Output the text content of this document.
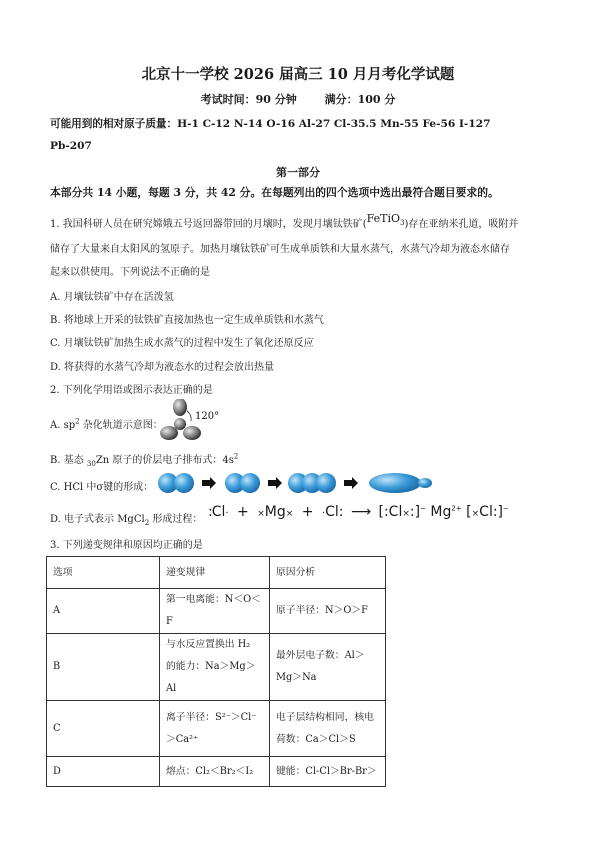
北京十一学校 2026 届高三 10 月月考化学试题
考试时间：90 分钟	满分：100 分
可能用到的相对原子质量：H-1 C-12 N-14 O-16 Al-27 Cl-35.5 Mn-55 Fe-56 I-127
Pb-207
第一部分
本部分共 14 小题，每题 3 分，共 42 分。在每题列出的四个选项中选出最符合题目要求的。
1. 我国科研人员在研究嫦娥五号返回器带回的月壤时，发现月壤钛铁矿(FeTiO$_3$)存在亚纳米孔道，吸附并
储存了大量来自太阳风的氢原子。加热月壤钛铁矿可生成单质铁和大量水蒸气，水蒸气冷却为液态水储存
起来以供使用。下列说法不正确的是
A. 月壤钛铁矿中存在活泼氢
B. 将地球上开采的钛铁矿直接加热也一定生成单质铁和水蒸气
C. 月壤钛铁矿加热生成水蒸气的过程中发生了氧化还原反应
D. 将获得的水蒸气冷却为液态水的过程会放出热量
2. 下列化学用语或图示表达正确的是
A. $sp^2$ 杂化轨道示意图：
120°
B. 基态 $_{30}$Zn 原子的价层电子排布式：$4s^2$
C. HCl 中σ键的形成：
D. 电子式表示 MgCl$_2$ 形成过程： :Cl· + ×Mg× + ·Cl: ⟶ [:Cl×:]− $Mg^{2+}$ [×Cl:]−
3. 下列递变规律和原因均正确的是
选项	递变规律	原因分析
A	第一电离能：N＜O＜F	原子半径：N＞O＞F
B	与水反应置换出 H₂ 的能力：Na＞Mg＞Al	最外层电子数：Al＞Mg＞Na
C	离子半径：S²⁻＞Cl⁻＞Ca²⁺	电子层结构相同，核电荷数：Ca＞Cl＞S
D	熔点：Cl₂＜Br₂＜I₂	键能：Cl-Cl＞Br-Br＞
